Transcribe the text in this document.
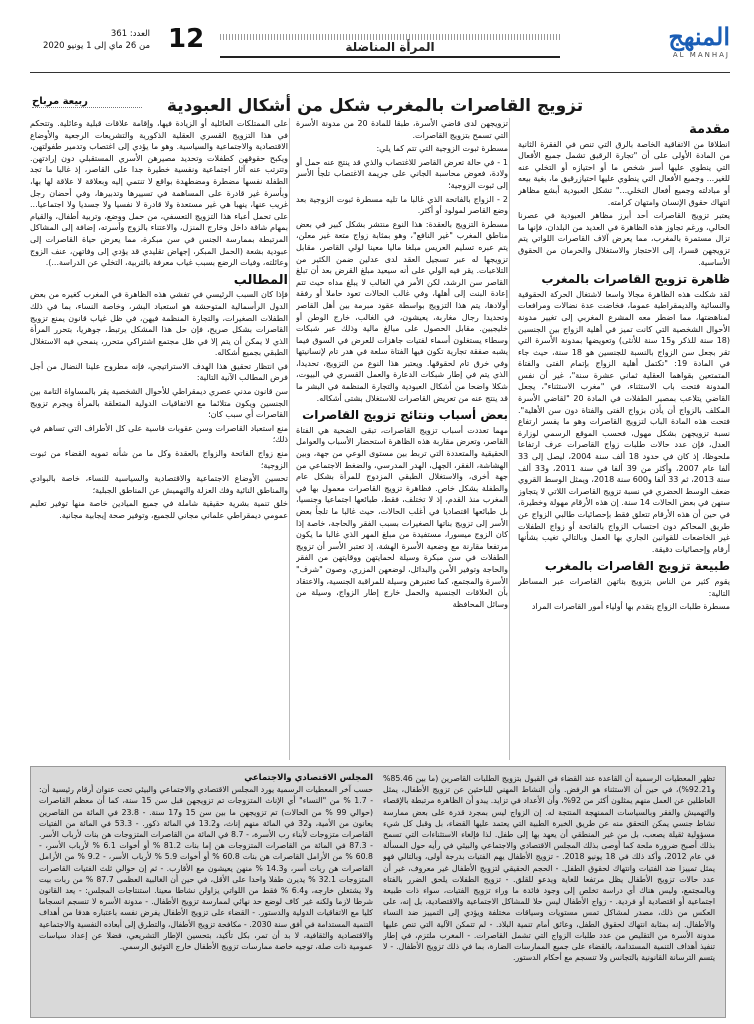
العدد: 361
من 26 ماي إلى 1 يونيو 2020 12	المرأة المناضلة	المنهج
AL MANHAJ
تزويج القاصرات بالمغرب شكل من أشكال العبودية
ربيعة مرباح
مقدمة

انطلاقا من الاتفاقية الخاصة بالرق التي تنص في الفقرة الثانية من المادة الأولى على أن "تجارة الرقيق تشمل جميع الأفعال التي ينطوي عليها أسر شخص ما أو احتيازه أو التخلي عنه للغير... وجميع الأفعال التي ينطوي عليها احتيازرقيق ما، بغية بيعه أو مبادلته وجميع أفعال التخلي..." تشكل العبودية أبشع مظاهر انتهاك حقوق الإنسان وامتهان كرامته.

يعتبر تزويج القاصرات أحد أبرز مظاهر العبودية في عصرنا الحالي، ورغم تجاوز هذه الظاهرة في العديد من البلدان، فإنها ما تزال مستمرة بالمغرب، مما يعرض آلاف القاصرات اللواتي يتم تزويجهن قسرا، إلى الاحتجاز والاستغلال والحرمان من الحقوق الأساسية.

ظاهرة تزويج القاصرات بالمغرب

لقد شكلت هذه الظاهرة مجالا واسعا لاشتغال الحركة الحقوقية والنسائية والديمقراطية عموما، فخاضت عدة نضالات ومرافعات لمناهضتها، مما اضطر معه المشرع المغربي إلى تغيير مدونة الأحوال الشخصية التي كانت تميز في أهلية الزواج بين الجنسين (18 سنة للذكر و15 سنة للأنثى) وتعويضها بمدونة الأسرة التي تقر بجعل سن الزواج بالنسبة للجنسين هو 18 سنة، حيث جاء في المادة 19: "تكتمل أهلية الزواج بإتمام الفتى والفتاة المتمتعين بقواهما العقلية ثماني عشرة سنة"، غير أن نفس المدونة فتحت باب الاستثناء، في "مغرب الاستثناء"، يجعل القاضي يتلاعب بمصير الطفلات في المادة 20 "لقاضي الأسرة المكلف بالزواج أن يأذن بزواج الفتى والفتاة دون سن الأهلية". فتحت هذه المادة الباب لتزويج القاصرات وهو ما يفسر ارتفاع نسبة تزويجهن بشكل مهول، فحسب الموقع الرسمي لوزارة العدل، فإن عدد حالات طلبات زواج القاصرات عرف ارتفاعا ملحوظا، إذ كان في حدود 18 ألف سنة 2004، ليصل إلى 33 ألفا عام 2007، وأكثر من 39 ألفا في سنة 2011، و33 ألف سنة 2013، ثم 33 ألفا و600 سنة 2018، ويمثل الوسط القروي ضعف الوسط الحضري في نسبة تزويج القاصرات اللاتي لا يتجاوز سنهن في بعض الحالات 14 سنة. إن هذه الأرقام مهولة وخطيرة، في حين أن هذه الأرقام تتعلق فقط بإحصائيات طالبي الزواج عن طريق المحاكم دون احتساب الزواج بالفاتحة أو زواج الطفلات غير الخاضعات للقوانين الجاري بها العمل وبالتالي تغيب بشأنها أرقام وإحصائيات دقيقة.

طبيعة تزويج القاصرات بالمغرب

يقوم كثير من الناس بتزويج بناتهن القاصرات عبر المساطر التالية:

مسطرة طلبات الزواج يتقدم بها أولياء أمور القاصرات المراد

تزويجهن لدى قاضي الأسرة، طبقا للمادة 20 من مدونة الأسرة التي تسمح بتزويج القاصرات.

مسطرة ثبوت الزوجية التي تتم كما يلي:

1 - في حالة تعرض القاصر للاغتصاب والذي قد ينتج عنه حمل أو ولادة، فعوض محاسبة الجاني على جريمة الاغتصاب تلجأ الأسر إلى ثبوت الزوجية؛

2 - الزواج بالفاتحة الذي غالبا ما تليه مسطرة ثبوت الزوجية بعد وضع القاصر لمولود أو أكثر.

مسطرة التزويج بالعقدة: هذا النوع منتشر بشكل كبير في بعض مناطق المغرب "غير النافع"، وهو بمثابة زواج متعة غير معلن، يتم عبره تسليم العريس مبلغا ماليا معينا لولي القاصر، مقابل تزويجها له عبر تسجيل العقد لدى عدلين ضمن الكثير من التلاعبات. يقر فيه الولي على أنه سيعيد مبلغ القرض بعد أن تبلغ القاصر سن الرشد، لكن الأمر في الغالب لا يبلغ مداه حيث تتم إعادة البنت إلى أهلها، وفي غالب الحالات تعود حاملا أو رفقة أولادها، يتم هذا التزويج بواسطة عقود مبرمة بين أهل القاصر وتحديدا رجال مغاربة، يعيشون، في الغالب، خارج الوطن أو خليجيين. مقابل الحصول على مبالغ مالية وذلك عبر شبكات وسطاء يستغلون أسماء لفتيات جاهزات للعرض في السوق فيما يشبه صفقة تجارية تكون فيها الفتاة سلعة في هدر تام لإنسانيتها وفي خرق تام لحقوقها. ويعتبر هذا النوع من التزويج، تحديدا، الذي يتم في إطار شبكات الدعارة والعمل القسري في البيوت، شكلا واضحا من أشكال العبودية والتجارة المنظمة في البشر ما قد ينتج عنه من تعريض القاصرات للاستغلال بشتى أشكاله.

بعض أسباب ونتائج تزويج القاصرات

مهما تعددت أسباب تزويج القاصرات، تبقى الضحية هي الفتاة القاصر، وتعرض مقاربة هذه الظاهرة استحضار الأسباب والعوامل الحقيقية والمتعددة التي تربط بين مستوى الوعي من جهة، وبين الهشاشة، الفقر، الجهل، الهدر المدرسي، والضغط الاجتماعي من جهة أخرى، والاستغلال الطبقي المزدوج للمرأة بشكل عام والطفلة بشكل خاص. فظاهرة تزويج القاصرات معمول بها في المغرب منذ القدم، إذ لا تختلف، فقط، طبائعها اجتماعيا وجنسيا، بل طبائعها اقتصاديا في أغلب الحالات، حيث غالبا ما تلجأ بعض الأسر إلى تزويج بناتها الصغيرات بسبب الفقر والحاجة، خاصة إذا كان الزوج ميسورا، مستفيدة من مبلغ المهر الذي غالبا ما يكون مرتفعا مقارنة مع وضعية الأسرة الهشة، إذ تعتبر الأسر أن تزويج الطفلات في سن مبكرة وسيلة لحمايتهن ووقايتهن من الفقر والحاجة وتوفير الأمن والبدائل، لوضعهن المزري، وصون "شرف" الأسرة والمجتمع، كما تعتبرهن وسيلة للمراقبة الجنسية، والاعتقاد بأن العلاقات الجنسية والحمل خارج إطار الزواج، وسيلة من وسائل المحافظة

على الممتلكات العائلية أو الزيادة فيها، وإقامة علاقات قبلية وعائلية. وتتحكم في هذا التزويج القسري العقلية الذكورية والتشريعات الرجعية والأوضاع الاقتصادية والاجتماعية والسياسية. وهو ما يؤدي إلى اغتصاب وتدمير طفولتهن، ويكبح حقوقهن كطفلات وتحديد مصيرهن الأسري المستقبلي دون إرادتهن. وتترتب عنه آثار اجتماعية ونفسية خطيرة جدا على القاصر، إذ غالبا ما تجد الطفلة نفسها مضطرة ومضطهدة بواقع لا تنتمي إليه وبعلاقة لا علاقة لها بها، وبأسرة غير قادرة على المساهمة في تسييرها وتدبيرها، وفي أحضان رجل غريب عنها، ينهبا هي غير مستعدة ولا قادرة لا نفسيا ولا جسديا ولا اجتماعيا... على تحمل أعباء هذا التزويج التعسفي، من حمل ووضع، وتربية أطفال، والقيام بمهام شاقة داخل وخارج المنزل، والاعتناء بالزوج وأسرته، إضافة إلى المشاكل المرتبطة بممارسة الجنس في سن مبكرة، مما يعرض حياة القاصرات إلى عبودية بشعة (الحمل المبكر، إجهاض تقليدي قد يؤدي إلى وفاتهن، عنف الزوج وعائلته، وفيات الرضع بسبب غياب معرفة بالتربية، التخلي عن الدراسة...).

المطالب

فإذا كان السبب الرئيسي في تفشي هذه الظاهرة في المغرب كغيره من بعض الدول الرأسمالية المتوحشة هو استعباد البشر، وخاصة النساء، بما في ذلك الطفلات الصغيرات، والتجارة المنظمة فيهن، في ظل غياب قانون يمنع تزويج القاصرات بشكل صريح، فإن حل هذا المشكل يرتبط، جوهريا، بتحرر المرأة الذي لا يمكن أن يتم إلا في ظل مجتمع اشتراكي متحرر، ينمحي فيه الاستغلال الطبقي بجميع أشكاله.

في انتظار تحقيق هذا الهدف الاستراتيجي، فإنه مطروح علينا النضال من أجل فرض المطالب الآنية التالية:

سن قانون مدني عصري ديمقراطي للأحوال الشخصية يقر بالمساواة التامة بين الجنسين ويكون متلائما مع الاتفاقيات الدولية المتعلقة بالمرأة ويجرم تزويج القاصرات أي سبب كان؛

منع استعباد القاصرات وسن عقوبات قاسية على كل الأطراف التي تساهم في ذلك؛

منع زواج الفاتحة والزواج بالعقدة وكل ما من شأنه تمويه القضاء من ثبوت الزوجية؛

تحسين الأوضاع الاجتماعية والاقتصادية والسياسية للنساء، خاصة بالبوادي والمناطق النائية وفك العزلة والتهميش عن المناطق الجبلية؛

خلق تنمية بشرية حقيقية شاملة في جميع الميادين خاصة منها توفير تعليم عمومي ديمقراطي علماني مجاني للجميع، وتوفير صحة إيجابية مجانية.

تظهر المعطيات الرسمية أن القاعدة عند القضاء في القبول بتزويج الطلبات القاصرين (ما بين 85.46% و92.21%)، في حين أن الاستثناء هو الرفض. وأن النشاط المهني للباحثين عن تزويج الأطفال، يمثل العاطلين عن العمل منهم يمثلون أكثر من 92%، وأن الأعداد في تزايد. يبدو أن الظاهرة مرتبطة بالإقصاء والتهميش والفقر وبالسياسات الممنهجة المنتجة له. إن الزواج ليس بمجرد قدرة على بعض ممارسة نشاط جنسي يمكن التحقق منه عن طريق الخبرة الطبية التي يعتمد عليها القضاء، بل وقبل كل شيء مسؤولية ثقيلة يصعب، بل من غير المنطقي أن يعهد بها إلى طفل. لذا فإلغاء الاستثناءات التي تسمح بذلك أصبح ضرورة ملحة كما أوصى بذلك المجلس الاقتصادي والاجتماعي والبيئي في رأيه حول المسألة في عام 2012، وأكد ذلك في 18 يونيو 2018. - تزويج الأطفال يهم الفتيات بدرجة أولى، وبالتالي فهو يمثل تمييزا ضد الفتيات وانتهاك لحقوق الطفل. - الحجم الحقيقي لتزويج الأطفال غير معروف، غير أن عدد حالات تزويج الأطفال يظل مرتفعا للغاية ويدعو للقلق. - تزويج الطفلات يلحق الضرر بالفتاة وبالمجتمع، وليس هناك أي دراسة تخلص إلى وجود فائدة ما وراء تزويج الفتيات، سواء ذات طبيعة اجتماعية أو اقتصادية أو فردية. - زواج الأطفال ليس حلا للمشاكل الاجتماعية والاقتصادية، بل إنه، على العكس من ذلك، مصدر لمشاكل تمس مستويات وسياقات مختلفة ويؤدي إلى التمييز ضد النساء والأطفال. إنه بمثابة انتهاك لحقوق الطفل، وعائق أمام تنمية البلاد. - لم تتمكن الآلية التي تنص عليها مدونة الأسرة من التقليص من عدد طلبات الزواج التي تشمل القاصرات. - المغرب ملتزم، في إطار تنفيذ أهداف التنمية المستدامة، بالقضاء على جميع الممارسات الضارة، بما في ذلك تزويج الأطفال. - لا يتسم الترسانة القانونية بالتجانس ولا تنسجم مع أحكام الدستور.
المجلس الاقتصادي والاجتماعي
حسب آخر المعطيات الرسمية يورد المجلس الاقتصادي والاجتماعي والبيئي تحت عنوان أرقام رئيسية أن: - 1.7 % من "النساء" أي الإناث المتزوجات تم تزويجهن قبل سن 15 سنة، كما أن معظم القاصرات (حوالي 99 % من الحالات) تم تزويجهن ما بين سن 15 و17 سنة. - 23.8 في المائة من القاصرين يعانون من الأمية، و32 في المائة منهم إناث، و13.2 في المائة ذكور. - 53.3 في المائة من الفتيات القاصرات متزوجات لأبناء رب الأسرة، - 8.7 في المائة من القاصرات المتزوجات هن بنات لأرباب الأسر. - 87.3 في المائة من القاصرات المتزوجات هن إما بنات 81.2 % أو أخوات 6.1 % لأرباب الأسر، - 60.8 % من الأرامل القاصرات هن بنات 60.8 % أو أخوات 5.9 % لأرباب الأسر، - 9.2 % من الأرامل القاصرات هن ربات أسر، و14.3 % منهن يعيشون مع الأقارب. - ثم إن حوالي ثلث الفتيات القاصرات المتزوجات 32.1 % يديرن طفلا واحدا على الأقل، في حين أن الغالبية العظمى 87.7 % من ربات بيت ولا يشتغلن خارجه، و6.4 % فقط من اللواتي يزاولن نشاطا معينا. استنتاجات المجلس: - يعد القانون شرطا لازما ولكنه غير كاف لوضع حد نهائي لممارسة تزويج الأطفال. - مدونة الأسرة لا تنسجم انسجاما كليا مع الاتفاقيات الدولية والدستور. - القضاء على تزويج الأطفال يفرض نفسه باعتباره هدفا من أهداف التنمية المستدامة في أفق سنة 2030. - مكافحة تزويج الأطفال، والتطرق إلى أبعاده النفسية والاجتماعية والاقتصادية والثقافية، لا بد أن تمر، بكل تأكيد، بتحسين الإطار التشريعي، فضلا عن إعداد سياسات عمومية ذات صلة، توجيه خاصة ممارسات تزويج الأطفال خارج التوثيق الرسمي.
